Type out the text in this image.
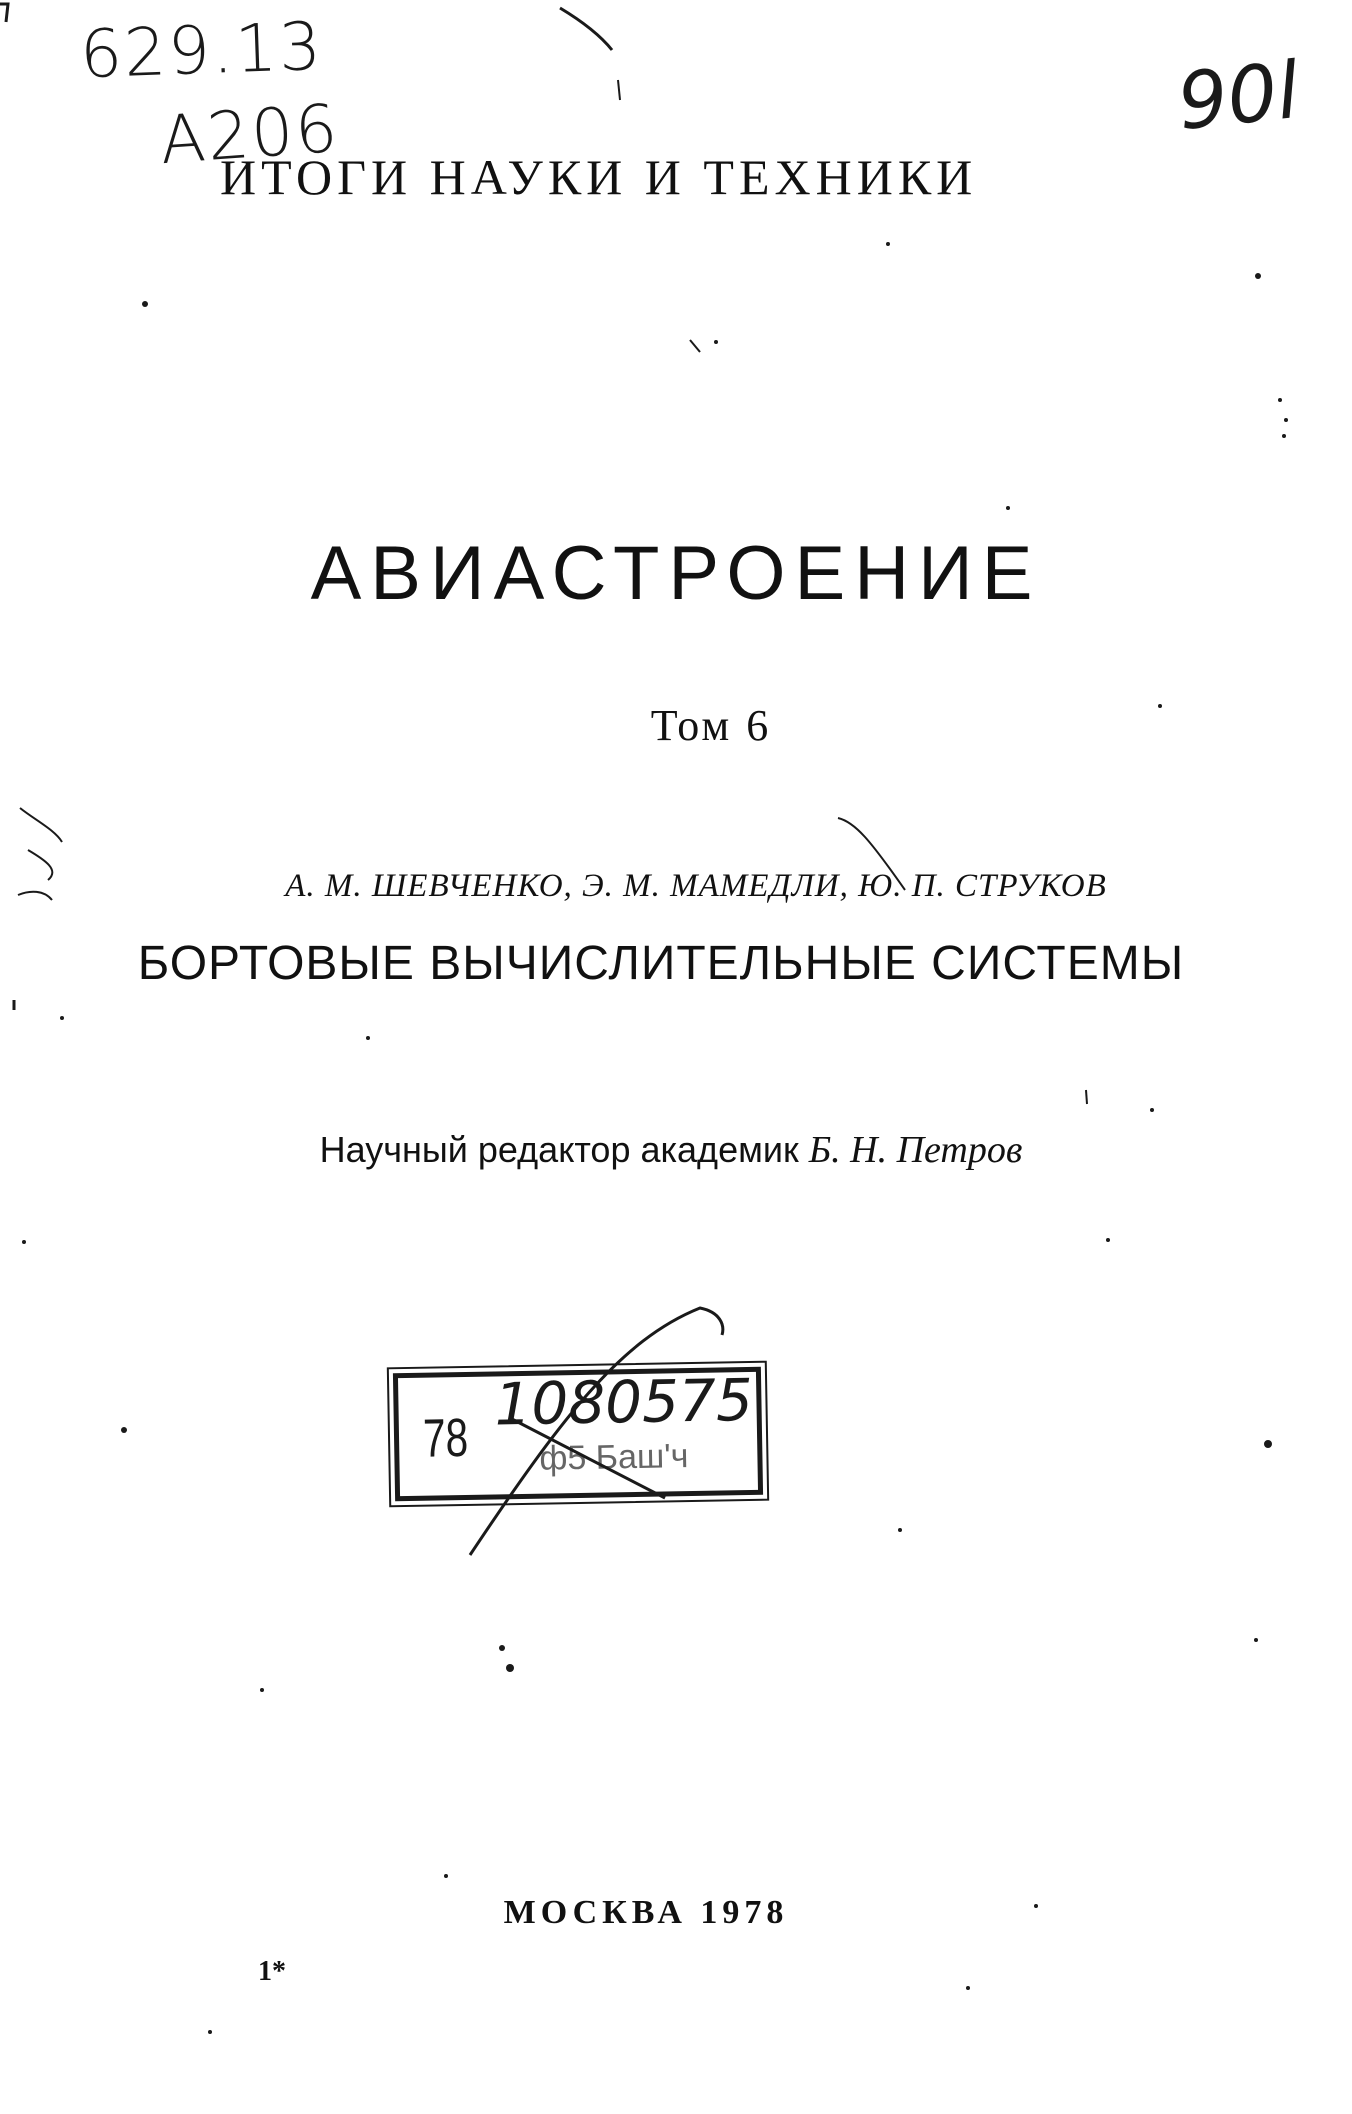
629.13
А206	90l
ИТОГИ НАУКИ И ТЕХНИКИ
АВИАСТРОЕНИЕ
Том 6
А. М. ШЕВЧЕНКО, Э. М. МАМЕДЛИ, Ю. П. СТРУКОВ
БОРТОВЫЕ ВЫЧИСЛИТЕЛЬНЫЕ СИСТЕМЫ
Научный редактор академик Б. Н. Петров
78 1080575
ф5 Баш'ч
МОСКВА 1978
1*
